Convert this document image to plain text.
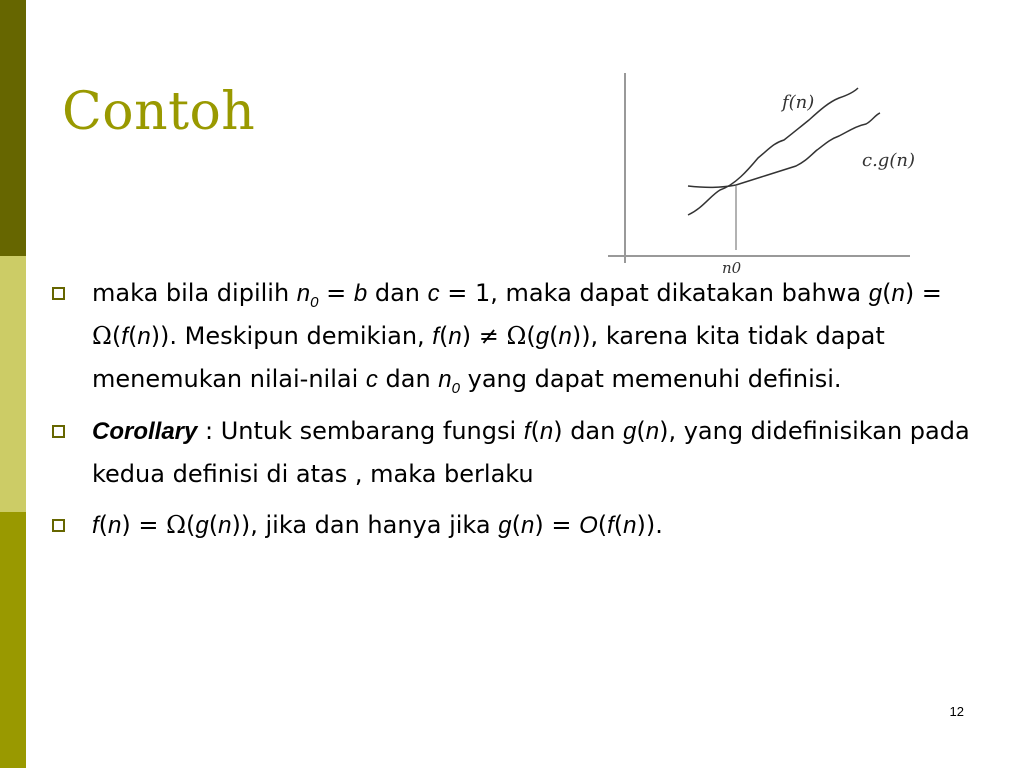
Contoh	f(n)
c.g(n)
n0
maka bila dipilih $n_0 = b$ dan c = 1, maka dapat dikatakan bahwa g(n) = Ω(f(n)). Meskipun demikian, f(n) ≠ Ω(g(n)), karena kita tidak dapat menemukan nilai-nilai c dan $n_0$ yang dapat memenuhi definisi.
Corollary : Untuk sembarang fungsi f(n) dan g(n), yang didefinisikan pada kedua definisi di atas , maka berlaku
f(n) = Ω(g(n)), jika dan hanya jika g(n) = O(f(n)).
12
